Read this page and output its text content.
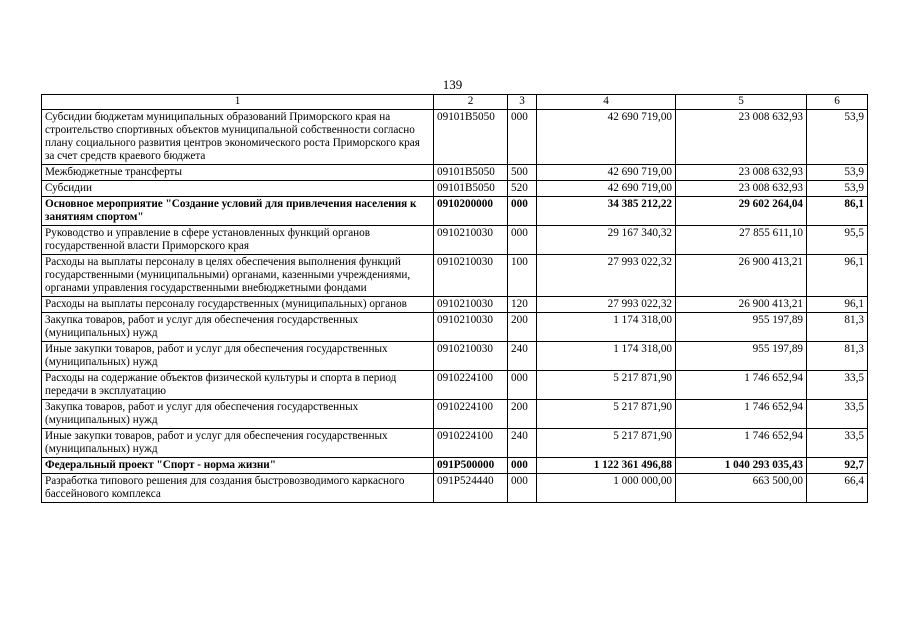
139
1	2	3	4	5	6
Субсидии бюджетам муниципальных образований Приморского края на строительство спортивных объектов муниципальной собственности согласно плану социального развития центров экономического роста Приморского края за счет средств краевого бюджета	09101В5050	000	42 690 719,00	23 008 632,93	53,9
Межбюджетные трансферты	09101В5050	500	42 690 719,00	23 008 632,93	53,9
Субсидии	09101В5050	520	42 690 719,00	23 008 632,93	53,9
Основное мероприятие "Создание условий для привлечения населения к занятиям спортом"	0910200000	000	34 385 212,22	29 602 264,04	86,1
Руководство и управление в сфере установленных функций органов государственной власти Приморского края	0910210030	000	29 167 340,32	27 855 611,10	95,5
Расходы на выплаты персоналу в целях обеспечения выполнения функций государственными (муниципальными) органами, казенными учреждениями, органами управления государственными внебюджетными фондами	0910210030	100	27 993 022,32	26 900 413,21	96,1
Расходы на выплаты персоналу государственных (муниципальных) органов	0910210030	120	27 993 022,32	26 900 413,21	96,1
Закупка товаров, работ и услуг для обеспечения государственных (муниципальных) нужд	0910210030	200	1 174 318,00	955 197,89	81,3
Иные закупки товаров, работ и услуг для обеспечения государственных (муниципальных) нужд	0910210030	240	1 174 318,00	955 197,89	81,3
Расходы на содержание объектов физической культуры и спорта в период передачи в эксплуатацию	0910224100	000	5 217 871,90	1 746 652,94	33,5
Закупка товаров, работ и услуг для обеспечения государственных (муниципальных) нужд	0910224100	200	5 217 871,90	1 746 652,94	33,5
Иные закупки товаров, работ и услуг для обеспечения государственных (муниципальных) нужд	0910224100	240	5 217 871,90	1 746 652,94	33,5
Федеральный проект "Спорт - норма жизни"	091P500000	000	1 122 361 496,88	1 040 293 035,43	92,7
Разработка типового решения для создания быстровозводимого каркасного бассейнового комплекса	091P524440	000	1 000 000,00	663 500,00	66,4
